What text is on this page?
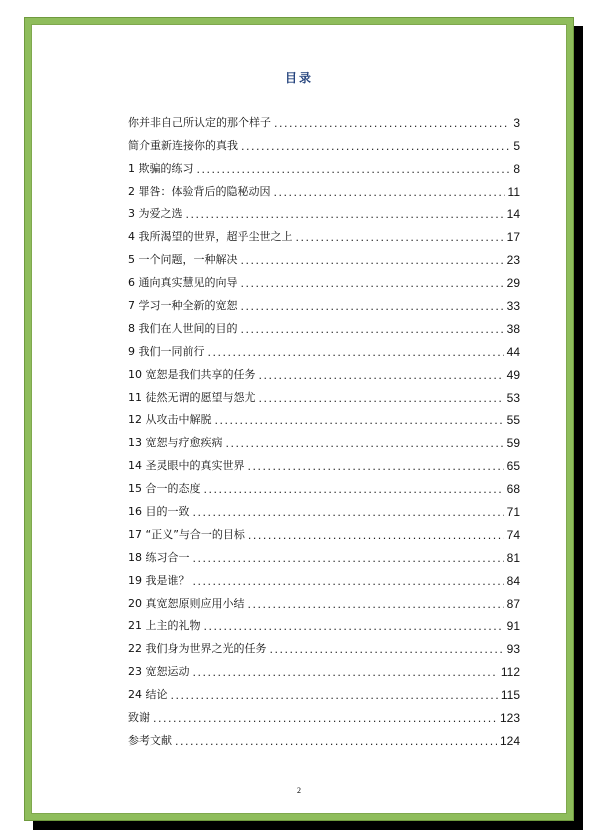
目录
你并非自己所认定的那个样子 .....	3
简介重新连接你的真我 .....	5
1 欺骗的练习 .....	8
2 罪咎：体验背后的隐秘动因 .....	11
3 为爱之选 .....	14
4 我所渴望的世界，超乎尘世之上 .....	17
5 一个问题，一种解决 .....	23
6 通向真实慧见的向导 .....	29
7 学习一种全新的宽恕 .....	33
8 我们在人世间的目的 .....	38
9 我们一同前行 .....	44
10 宽恕是我们共享的任务 .....	49
11 徒然无谓的愿望与怨尤 .....	53
12 从攻击中解脱 .....	55
13 宽恕与疗愈疾病 .....	59
14 圣灵眼中的真实世界 .....	65
15 合一的态度 .....	68
16 目的一致 .....	71
17 “正义”与合一的目标 .....	74
18 练习合一 .....	81
19 我是谁？ .....	84
20 真宽恕原则应用小结 .....	87
21 上主的礼物 .....	91
22 我们身为世界之光的任务 .....	93
23 宽恕运动 .....	112
24 结论 .....	115
致谢 .....	123
参考文献 .....	124
2
